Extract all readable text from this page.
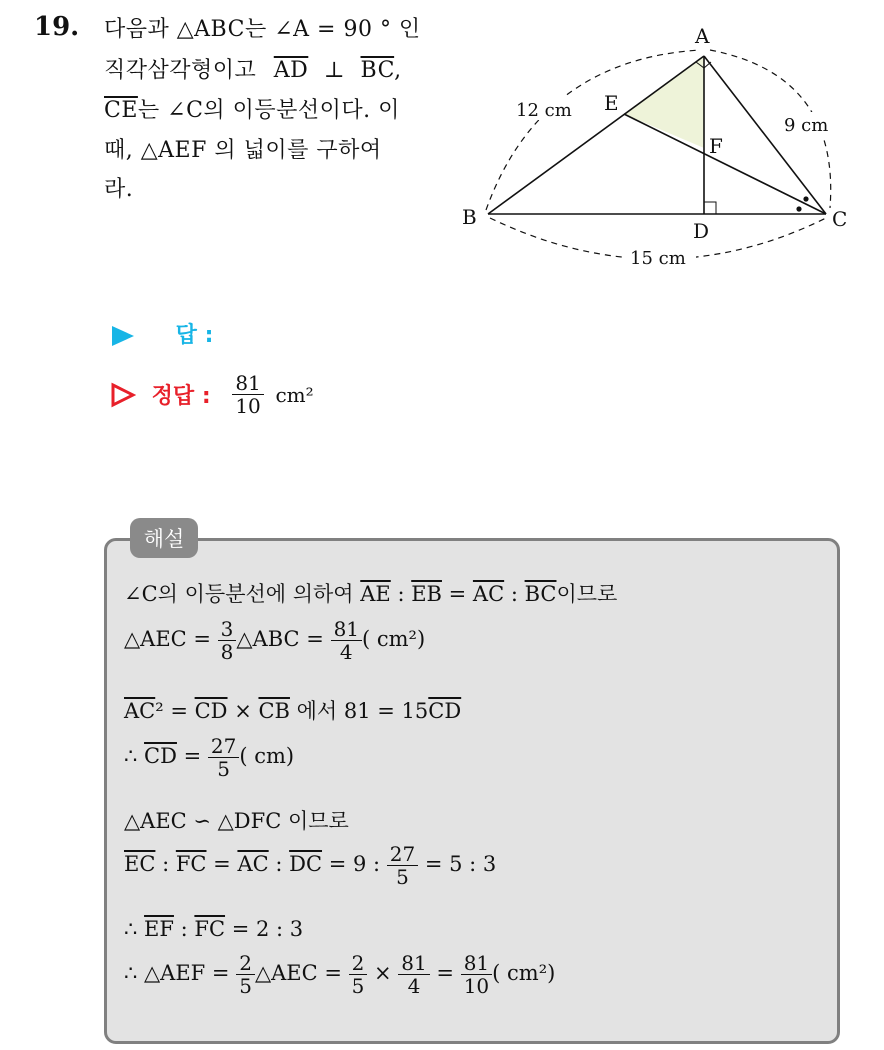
19. 다음과 △ABC는 ∠A = 90 ° 인
직각삼각형이고 $\overline{AD}$ ⊥ $\overline{BC}$,
$\overline{CE}$는 ∠C의 이등분선이다. 이
때, △AEF 의 넓이를 구하여
라.
A
B	C
D
E
F
12 cm
9 cm
15 cm
답 :
정답 : $\frac{81}{10} cm^2$
해설
∠C의 이등분선에 의하여 $\overline{AE}$ : $\overline{EB} = \overline{AC}$ : $\overline{BC}$이므로
△AEC = $\frac{3}{8}$ △ABC = $\frac{81}{4}$ ( cm²)
$\overline{AC}^2 = \overline{CD} \times \overline{CB}$ 에서 $81 = 15\overline{CD}$
∴ $\overline{CD} = \frac{27}{5}$ ( cm)
△AEC ∽ △DFC 이므로
$\overline{EC}$ : $\overline{FC} = \overline{AC}$ : $\overline{DC} = 9$ : $\frac{27}{5} = 5$ : 3
∴ $\overline{EF}$ : $\overline{FC} = 2$ : 3
∴ △AEF = $\frac{2}{5}$ △AEC = $\frac{2}{5} \times \frac{81}{4} = \frac{81}{10}$ ( cm²)
